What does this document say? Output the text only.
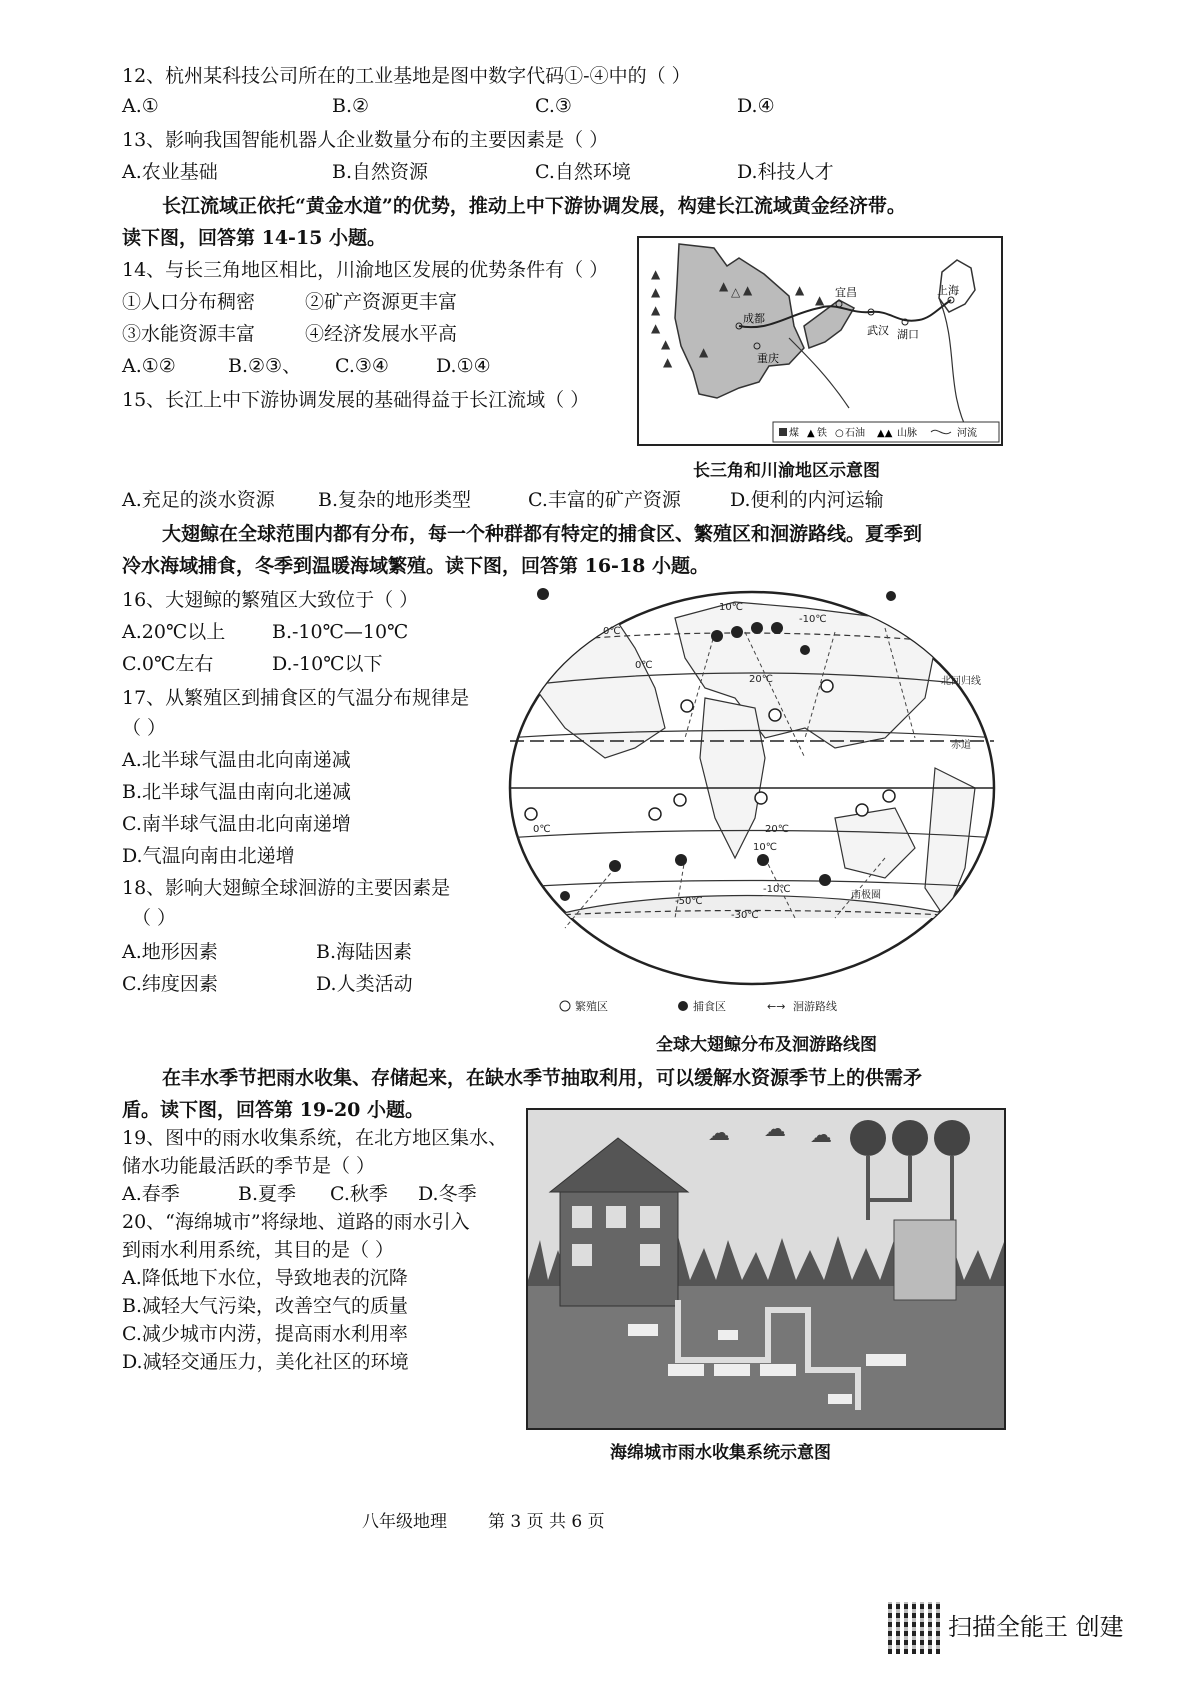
12、杭州某科技公司所在的工业基地是图中数字代码①-④中的（ ）
A.①	B.②	C.③	D.④
13、影响我国智能机器人企业数量分布的主要因素是（ ）
A.农业基础	B.自然资源	C.自然环境	D.科技人才
长江流域正依托“黄金水道”的优势，推动上中下游协调发展，构建长江流域黄金经济带。
读下图，回答第 14-15 小题。
14、与长三角地区相比，川渝地区发展的优势条件有（ ）
①人口分布稠密	②矿产资源更丰富
③水能资源丰富	④经济发展水平高
A.①②	B.②③、 C.③④ D.①④
15、长江上中下游协调发展的基础得益于长江流域（ ）
▲
▲
▲
▲
▲
▲
▲ △ ▲
▲
▲
▲
宜昌
武汉
上海
成都
重庆
湖口
煤 ▲ 铁 ○ 石油 ▲▲ 山脉	河流
长三角和川渝地区示意图
A.充足的淡水资源 B.复杂的地形类型	C.丰富的矿产资源	D.便利的内河运输
大翅鲸在全球范围内都有分布，每一个种群都有特定的捕食区、繁殖区和洄游路线。夏季到
冷水海域捕食，冬季到温暖海域繁殖。读下图，回答第 16-18 小题。
16、大翅鲸的繁殖区大致位于（ ）
A.20℃以上 B.-10℃—10℃
C.0℃左右	D.-10℃以下
17、从繁殖区到捕食区的气温分布规律是
（ ）
A.北半球气温由北向南递减
B.北半球气温由南向北递减
C.南半球气温由北向南递增
D.气温向南由北递增
18、影响大翅鲸全球洄游的主要因素是
（ ）
A.地形因素	B.海陆因素
C.纬度因素	D.人类活动
0℃
10℃
-10℃
0℃
20℃	北回归线
赤道
20℃
0℃
10℃
-10℃
-50℃
-30℃
南极圈
繁殖区	捕食区	←→ 洄游路线
全球大翅鲸分布及洄游路线图
在丰水季节把雨水收集、存储起来，在缺水季节抽取利用，可以缓解水资源季节上的供需矛
盾。读下图，回答第 19-20 小题。
19、图中的雨水收集系统，在北方地区集水、
储水功能最活跃的季节是（ ）
A.春季	B.夏季 C.秋季 D.冬季
20、“海绵城市”将绿地、道路的雨水引入
到雨水利用系统，其目的是（ ）
A.降低地下水位，导致地表的沉降
B.减轻大气污染，改善空气的质量
C.减少城市内涝，提高雨水利用率
D.减轻交通压力，美化社区的环境
☁ ☁ ☁
海绵城市雨水收集系统示意图
八年级地理 第 3 页 共 6 页
扫描全能王 创建
